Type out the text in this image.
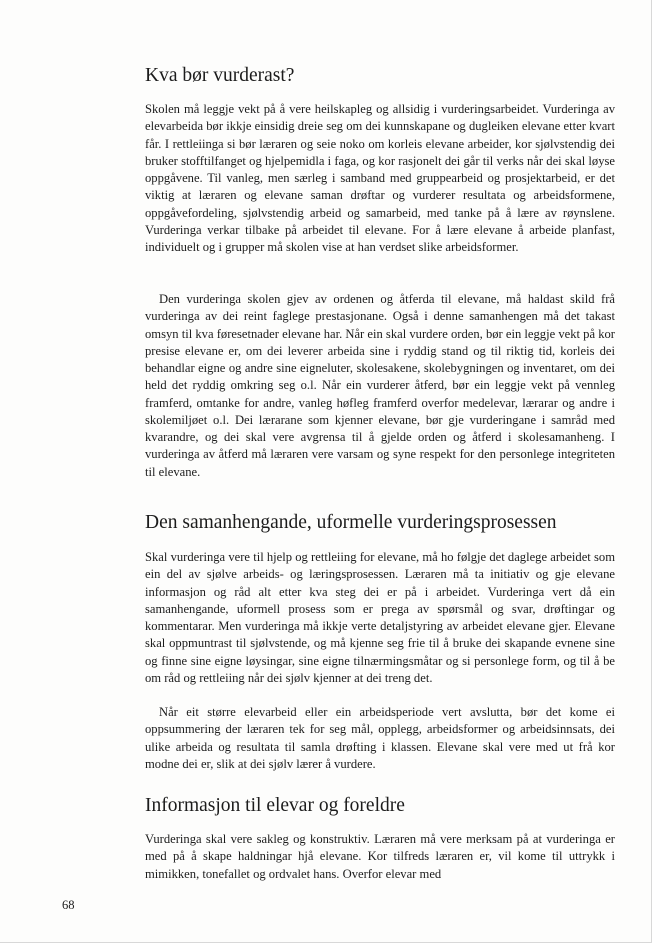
Kva bør vurderast?

Skolen må leggje vekt på å vere heilskapleg og allsidig i vurderingsarbeidet. Vurderinga av elevarbeida bør ikkje einsidig dreie seg om dei kunnskapane og dugleiken elevane etter kvart får. I rettleiinga si bør læraren og seie noko om korleis elevane arbeider, kor sjølvstendig dei bruker stofftilfanget og hjelpemidla i faga, og kor rasjonelt dei går til verks når dei skal løyse oppgåvene. Til vanleg, men særleg i samband med gruppearbeid og prosjektarbeid, er det viktig at læraren og elevane saman drøftar og vurderer resultata og arbeidsformene, oppgåvefordeling, sjølvstendig arbeid og samarbeid, med tanke på å lære av røynslene. Vurderinga verkar tilbake på arbeidet til elevane. For å lære elevane å arbeide planfast, individuelt og i grupper må skolen vise at han verdset slike arbeidsformer.

Den vurderinga skolen gjev av ordenen og åtferda til elevane, må haldast skild frå vurderinga av dei reint faglege prestasjonane. Også i denne samanhengen må det takast omsyn til kva føresetnader elevane har. Når ein skal vurdere orden, bør ein leggje vekt på kor presise elevane er, om dei leverer arbeida sine i ryddig stand og til riktig tid, korleis dei behandlar eigne og andre sine eigneluter, skolesakene, skolebygningen og inventaret, om dei held det ryddig omkring seg o.l. Når ein vurderer åtferd, bør ein leggje vekt på vennleg framferd, omtanke for andre, vanleg høfleg framferd overfor medelevar, lærarar og andre i skolemiljøet o.l. Dei lærarane som kjenner elevane, bør gje vurderingane i samråd med kvarandre, og dei skal vere avgrensa til å gjelde orden og åtferd i skolesamanheng. I vurderinga av åtferd må læraren vere varsam og syne respekt for den personlege integriteten til elevane.

Den samanhengande, uformelle vurderingsprosessen

Skal vurderinga vere til hjelp og rettleiing for elevane, må ho følgje det daglege arbeidet som ein del av sjølve arbeids- og læringsprosessen. Læraren må ta initiativ og gje elevane informasjon og råd alt etter kva steg dei er på i arbeidet. Vurderinga vert då ein samanhengande, uformell prosess som er prega av spørsmål og svar, drøftingar og kommentarar. Men vurderinga må ikkje verte detaljstyring av arbeidet elevane gjer. Elevane skal oppmuntrast til sjølvstende, og må kjenne seg frie til å bruke dei skapande evnene sine og finne sine eigne løysingar, sine eigne tilnærmingsmåtar og si personlege form, og til å be om råd og rettleiing når dei sjølv kjenner at dei treng det.

Når eit større elevarbeid eller ein arbeidsperiode vert avslutta, bør det kome ei oppsummering der læraren tek for seg mål, opplegg, arbeidsformer og arbeidsinnsats, dei ulike arbeida og resultata til samla drøfting i klassen. Elevane skal vere med ut frå kor modne dei er, slik at dei sjølv lærer å vurdere.

Informasjon til elevar og foreldre

Vurderinga skal vere sakleg og konstruktiv. Læraren må vere merksam på at vurderinga er med på å skape haldningar hjå elevane. Kor tilfreds læraren er, vil kome til uttrykk i mimikken, tonefallet og ordvalet hans. Overfor elevar med

68
